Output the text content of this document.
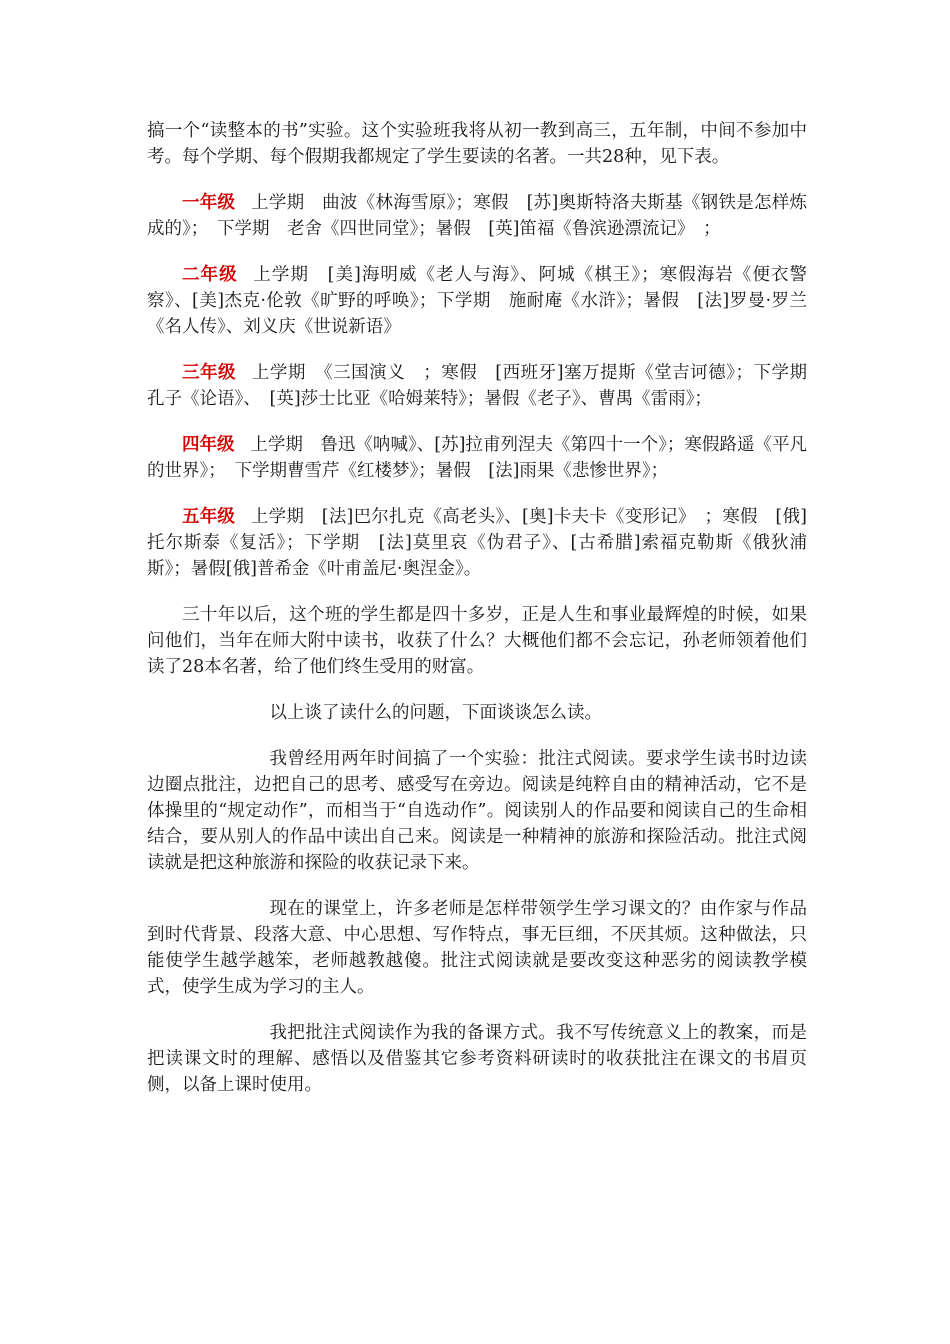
搞一个“读整本的书”实验。这个实验班我将从初一教到高三，五年制，中间不参加中考。每个学期、每个假期我都规定了学生要读的名著。一共28种，见下表。

一年级 上学期　曲波《林海雪原》；寒假　[苏]奥斯特洛夫斯基《钢铁是怎样炼成的》；　下学期　老舍《四世同堂》；暑假　[英]笛福《鲁滨逊漂流记》　；

二年级 上学期　[美]海明威《老人与海》、阿城《棋王》；寒假海岩《便衣警察》、[美]杰克·伦敦《旷野的呼唤》；下学期　施耐庵《水浒》；暑假　[法]罗曼·罗兰《名人传》、刘义庆《世说新语》

三年级 上学期　《三国演义　；寒假　[西班牙]塞万提斯《堂吉诃德》；下学期　孔子《论语》、　[英]莎士比亚《哈姆莱特》；暑假《老子》、曹禺《雷雨》；

四年级 上学期　鲁迅《呐喊》、[苏]拉甫列涅夫《第四十一个》；寒假路遥《平凡的世界》；　下学期曹雪芹《红楼梦》；暑假　[法]雨果《悲惨世界》；

五年级 上学期　[法]巴尔扎克《高老头》、[奥]卡夫卡《变形记》　；寒假　[俄]托尔斯泰《复活》；下学期　[法]莫里哀《伪君子》、[古希腊]索福克勒斯《俄狄浦斯》；暑假[俄]普希金《叶甫盖尼·奥涅金》。

三十年以后，这个班的学生都是四十多岁，正是人生和事业最辉煌的时候，如果问他们，当年在师大附中读书，收获了什么？大概他们都不会忘记，孙老师领着他们读了28本名著，给了他们终生受用的财富。

以上谈了读什么的问题，下面谈谈怎么读。

我曾经用两年时间搞了一个实验：批注式阅读。要求学生读书时边读边圈点批注，边把自己的思考、感受写在旁边。阅读是纯粹自由的精神活动，它不是体操里的“规定动作”，而相当于“自选动作”。阅读别人的作品要和阅读自己的生命相结合，要从别人的作品中读出自己来。阅读是一种精神的旅游和探险活动。批注式阅读就是把这种旅游和探险的收获记录下来。

现在的课堂上，许多老师是怎样带领学生学习课文的？由作家与作品到时代背景、段落大意、中心思想、写作特点，事无巨细，不厌其烦。这种做法，只能使学生越学越笨，老师越教越傻。批注式阅读就是要改变这种恶劣的阅读教学模式，使学生成为学习的主人。

我把批注式阅读作为我的备课方式。我不写传统意义上的教案，而是把读课文时的理解、感悟以及借鉴其它参考资料研读时的收获批注在课文的书眉页侧，以备上课时使用。
